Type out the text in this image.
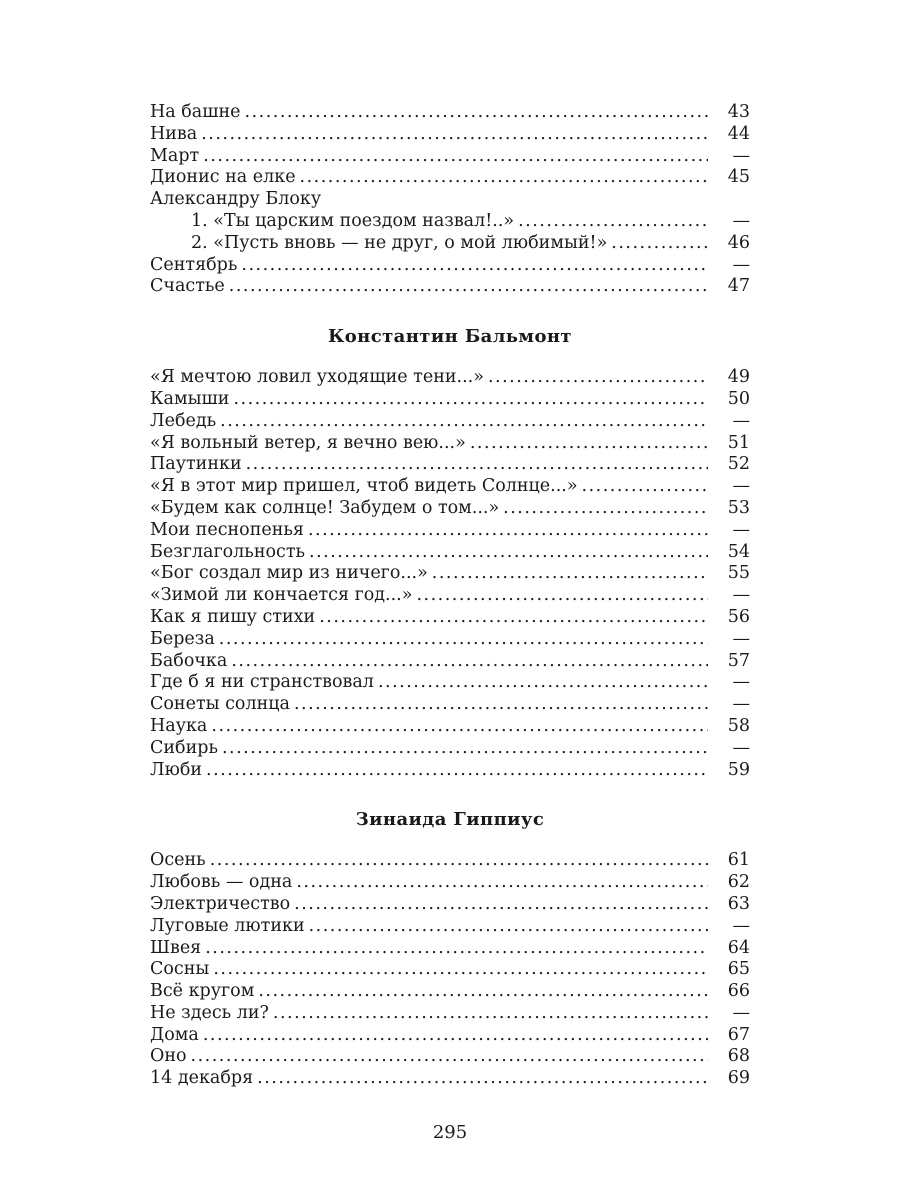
На башне .....	43
Нива .....	44
Март .....	—
Дионис на елке .....	45
Александру Блоку
1. «Ты царским поездом назвал!..» .....	—
2. «Пусть вновь — не друг, о мой любимый!» .....	46
Сентябрь .....	—
Счастье .....	47
Константин Бальмонт
«Я мечтою ловил уходящие тени...» .....	49
Камыши .....	50
Лебедь .....	—
«Я вольный ветер, я вечно вею...» .....	51
Паутинки .....	52
«Я в этот мир пришел, чтоб видеть Солнце...» .....	—
«Будем как солнце! Забудем о том...» .....	53
Мои песнопенья .....	—
Безглагольность .....	54
«Бог создал мир из ничего...» .....	55
«Зимой ли кончается год...» .....	—
Как я пишу стихи .....	56
Береза .....	—
Бабочка .....	57
Где б я ни странствовал .....	—
Сонеты солнца .....	—
Наука .....	58
Сибирь .....	—
Люби .....	59
Зинаида Гиппиус
Осень .....	61
Любовь — одна .....	62
Электричество .....	63
Луговые лютики .....	—
Швея .....	64
Сосны .....	65
Всё кругом .....	66
Не здесь ли? .....	—
Дома .....	67
Оно .....	68
14 декабря .....	69
295
